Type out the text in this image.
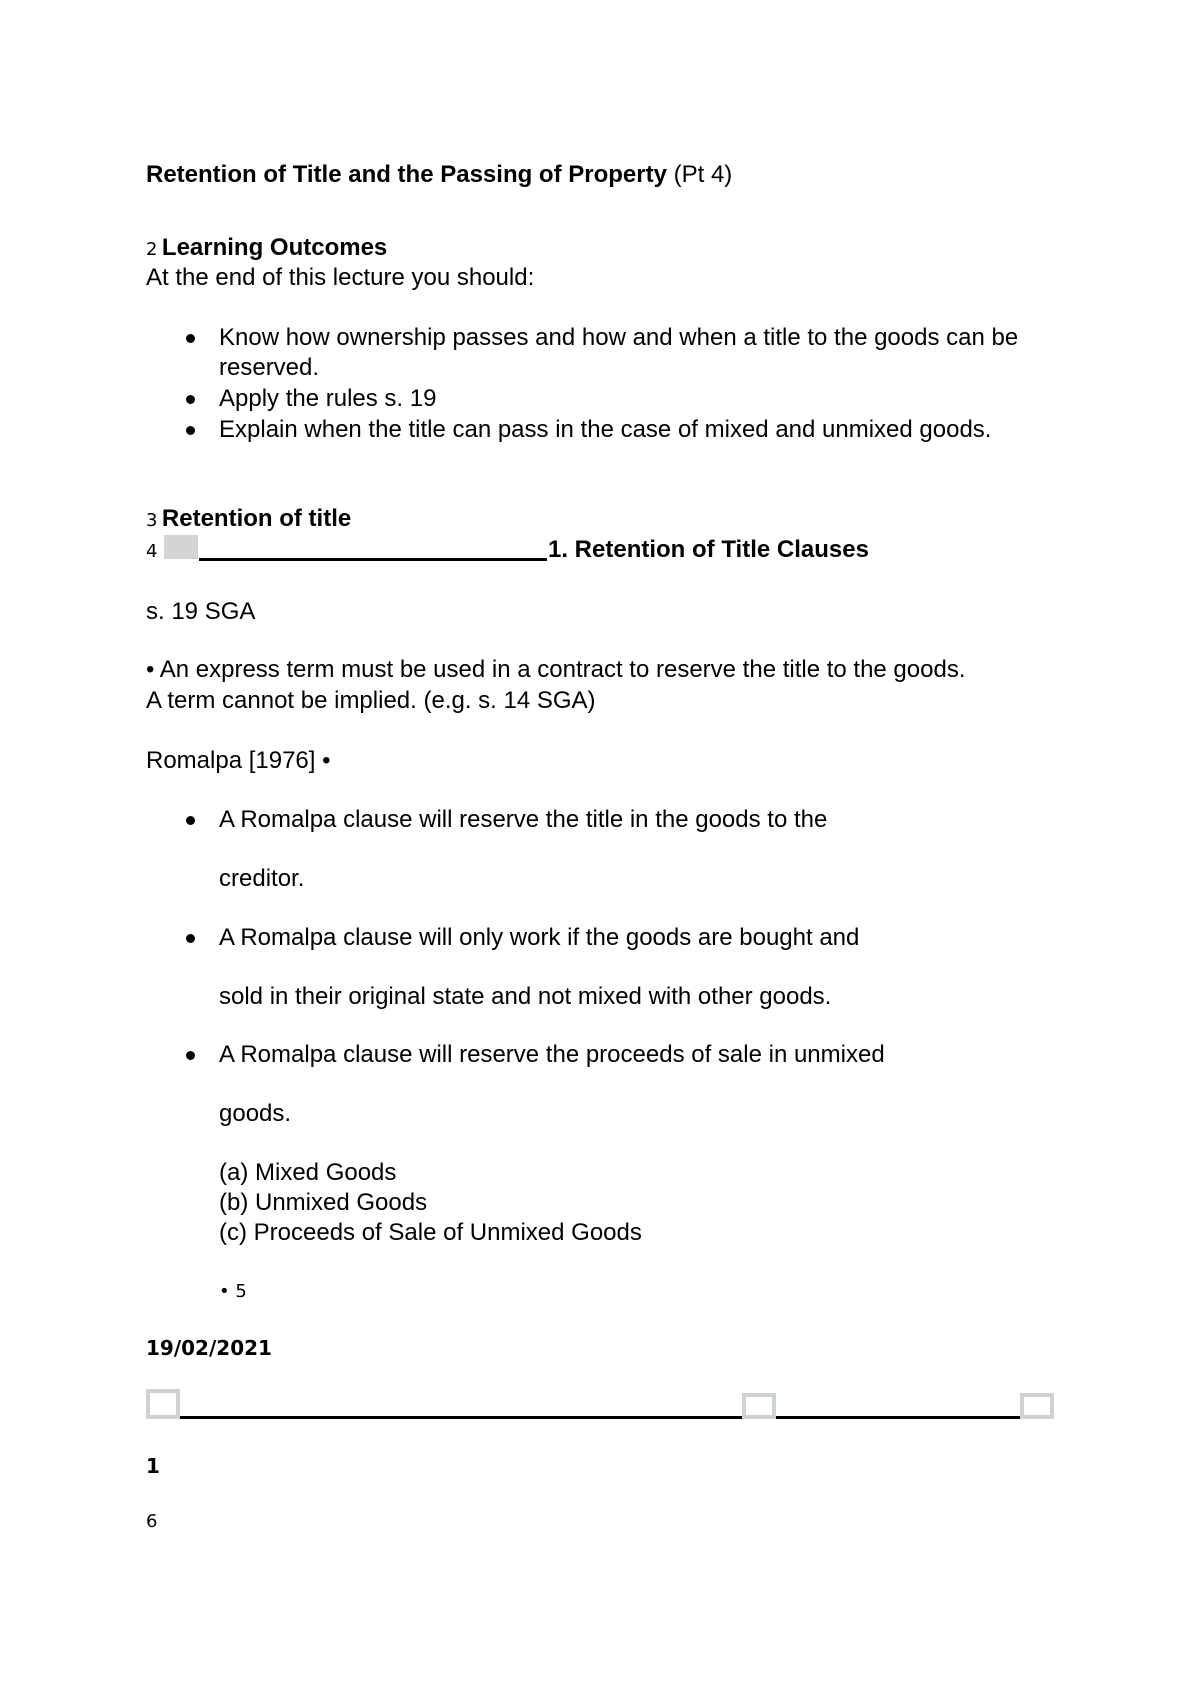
Retention of Title and the Passing of Property (Pt 4)
2 Learning Outcomes
At the end of this lecture you should:
Know how ownership passes and how and when a title to the goods can be reserved.
Apply the rules s. 19
Explain when the title can pass in the case of mixed and unmixed goods.
3 Retention of title
4	1. Retention of Title Clauses
s. 19 SGA
• An express term must be used in a contract to reserve the title to the goods.
A term cannot be implied. (e.g. s. 14 SGA)
Romalpa [1976] •
A Romalpa clause will reserve the title in the goods to the
creditor.
A Romalpa clause will only work if the goods are bought and
sold in their original state and not mixed with other goods.
A Romalpa clause will reserve the proceeds of sale in unmixed
goods.
(a) Mixed Goods
(b) Unmixed Goods
(c) Proceeds of Sale of Unmixed Goods
• 5
19/02/2021
1
6
